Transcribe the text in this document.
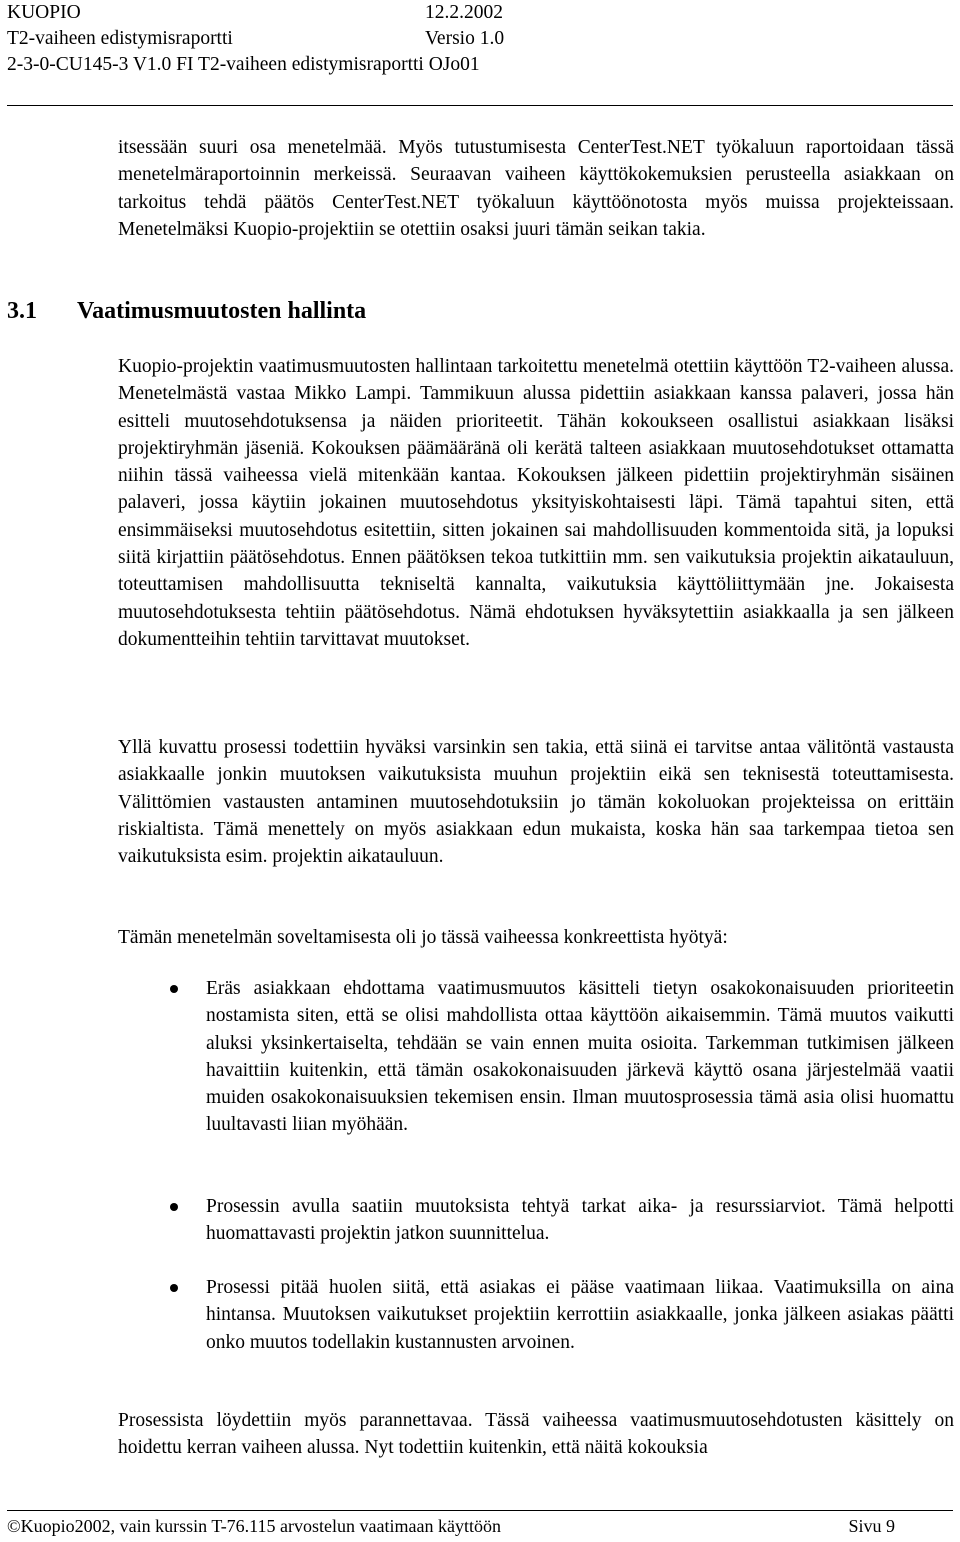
KUOPIO	12.2.2002
T2-vaiheen edistymisraportti	Versio 1.0
2-3-0-CU145-3 V1.0 FI T2-vaiheen edistymisraportti OJo01

itsessään suuri osa menetelmää. Myös tutustumisesta CenterTest.NET työkaluun raportoidaan tässä menetelmäraportoinnin merkeissä. Seuraavan vaiheen käyttökokemuksien perusteella asiakkaan on tarkoitus tehdä päätös CenterTest.NET työkaluun käyttöönotosta myös muissa projekteissaan. Menetelmäksi Kuopio-projektiin se otettiin osaksi juuri tämän seikan takia.

3.1 Vaatimusmuutosten hallinta

Kuopio-projektin vaatimusmuutosten hallintaan tarkoitettu menetelmä otettiin käyttöön T2-vaiheen alussa. Menetelmästä vastaa Mikko Lampi. Tammikuun alussa pidettiin asiakkaan kanssa palaveri, jossa hän esitteli muutosehdotuksensa ja näiden prioriteetit. Tähän kokoukseen osallistui asiakkaan lisäksi projektiryhmän jäseniä. Kokouksen päämääränä oli kerätä talteen asiakkaan muutosehdotukset ottamatta niihin tässä vaiheessa vielä mitenkään kantaa. Kokouksen jälkeen pidettiin projektiryhmän sisäinen palaveri, jossa käytiin jokainen muutosehdotus yksityiskohtaisesti läpi. Tämä tapahtui siten, että ensimmäiseksi muutosehdotus esitettiin, sitten jokainen sai mahdollisuuden kommentoida sitä, ja lopuksi siitä kirjattiin päätösehdotus. Ennen päätöksen tekoa tutkittiin mm. sen vaikutuksia projektin aikatauluun, toteuttamisen mahdollisuutta tekniseltä kannalta, vaikutuksia käyttöliittymään jne. Jokaisesta muutosehdotuksesta tehtiin päätösehdotus. Nämä ehdotuksen hyväksytettiin asiakkaalla ja sen jälkeen dokumentteihin tehtiin tarvittavat muutokset.

Yllä kuvattu prosessi todettiin hyväksi varsinkin sen takia, että siinä ei tarvitse antaa välitöntä vastausta asiakkaalle jonkin muutoksen vaikutuksista muuhun projektiin eikä sen teknisestä toteuttamisesta. Välittömien vastausten antaminen muutosehdotuksiin jo tämän kokoluokan projekteissa on erittäin riskialtista. Tämä menettely on myös asiakkaan edun mukaista, koska hän saa tarkempaa tietoa sen vaikutuksista esim. projektin aikatauluun.

Tämän menetelmän soveltamisesta oli jo tässä vaiheessa konkreettista hyötyä:

Eräs asiakkaan ehdottama vaatimusmuutos käsitteli tietyn osakokonaisuuden prioriteetin nostamista siten, että se olisi mahdollista ottaa käyttöön aikaisemmin. Tämä muutos vaikutti aluksi yksinkertaiselta, tehdään se vain ennen muita osioita. Tarkemman tutkimisen jälkeen havaittiin kuitenkin, että tämän osakokonaisuuden järkevä käyttö osana järjestelmää vaatii muiden osakokonaisuuksien tekemisen ensin. Ilman muutosprosessia tämä asia olisi huomattu luultavasti liian myöhään.

Prosessin avulla saatiin muutoksista tehtyä tarkat aika- ja resurssiarviot. Tämä helpotti huomattavasti projektin jatkon suunnittelua.

Prosessi pitää huolen siitä, että asiakas ei pääse vaatimaan liikaa. Vaatimuksilla on aina hintansa. Muutoksen vaikutukset projektiin kerrottiin asiakkaalle, jonka jälkeen asiakas päätti onko muutos todellakin kustannusten arvoinen.

Prosessista löydettiin myös parannettavaa. Tässä vaiheessa vaatimusmuutosehdotusten käsittely on hoidettu kerran vaiheen alussa. Nyt todettiin kuitenkin, että näitä kokouksia

©Kuopio2002, vain kurssin T-76.115 arvostelun vaatimaan käyttöön	Sivu 9
